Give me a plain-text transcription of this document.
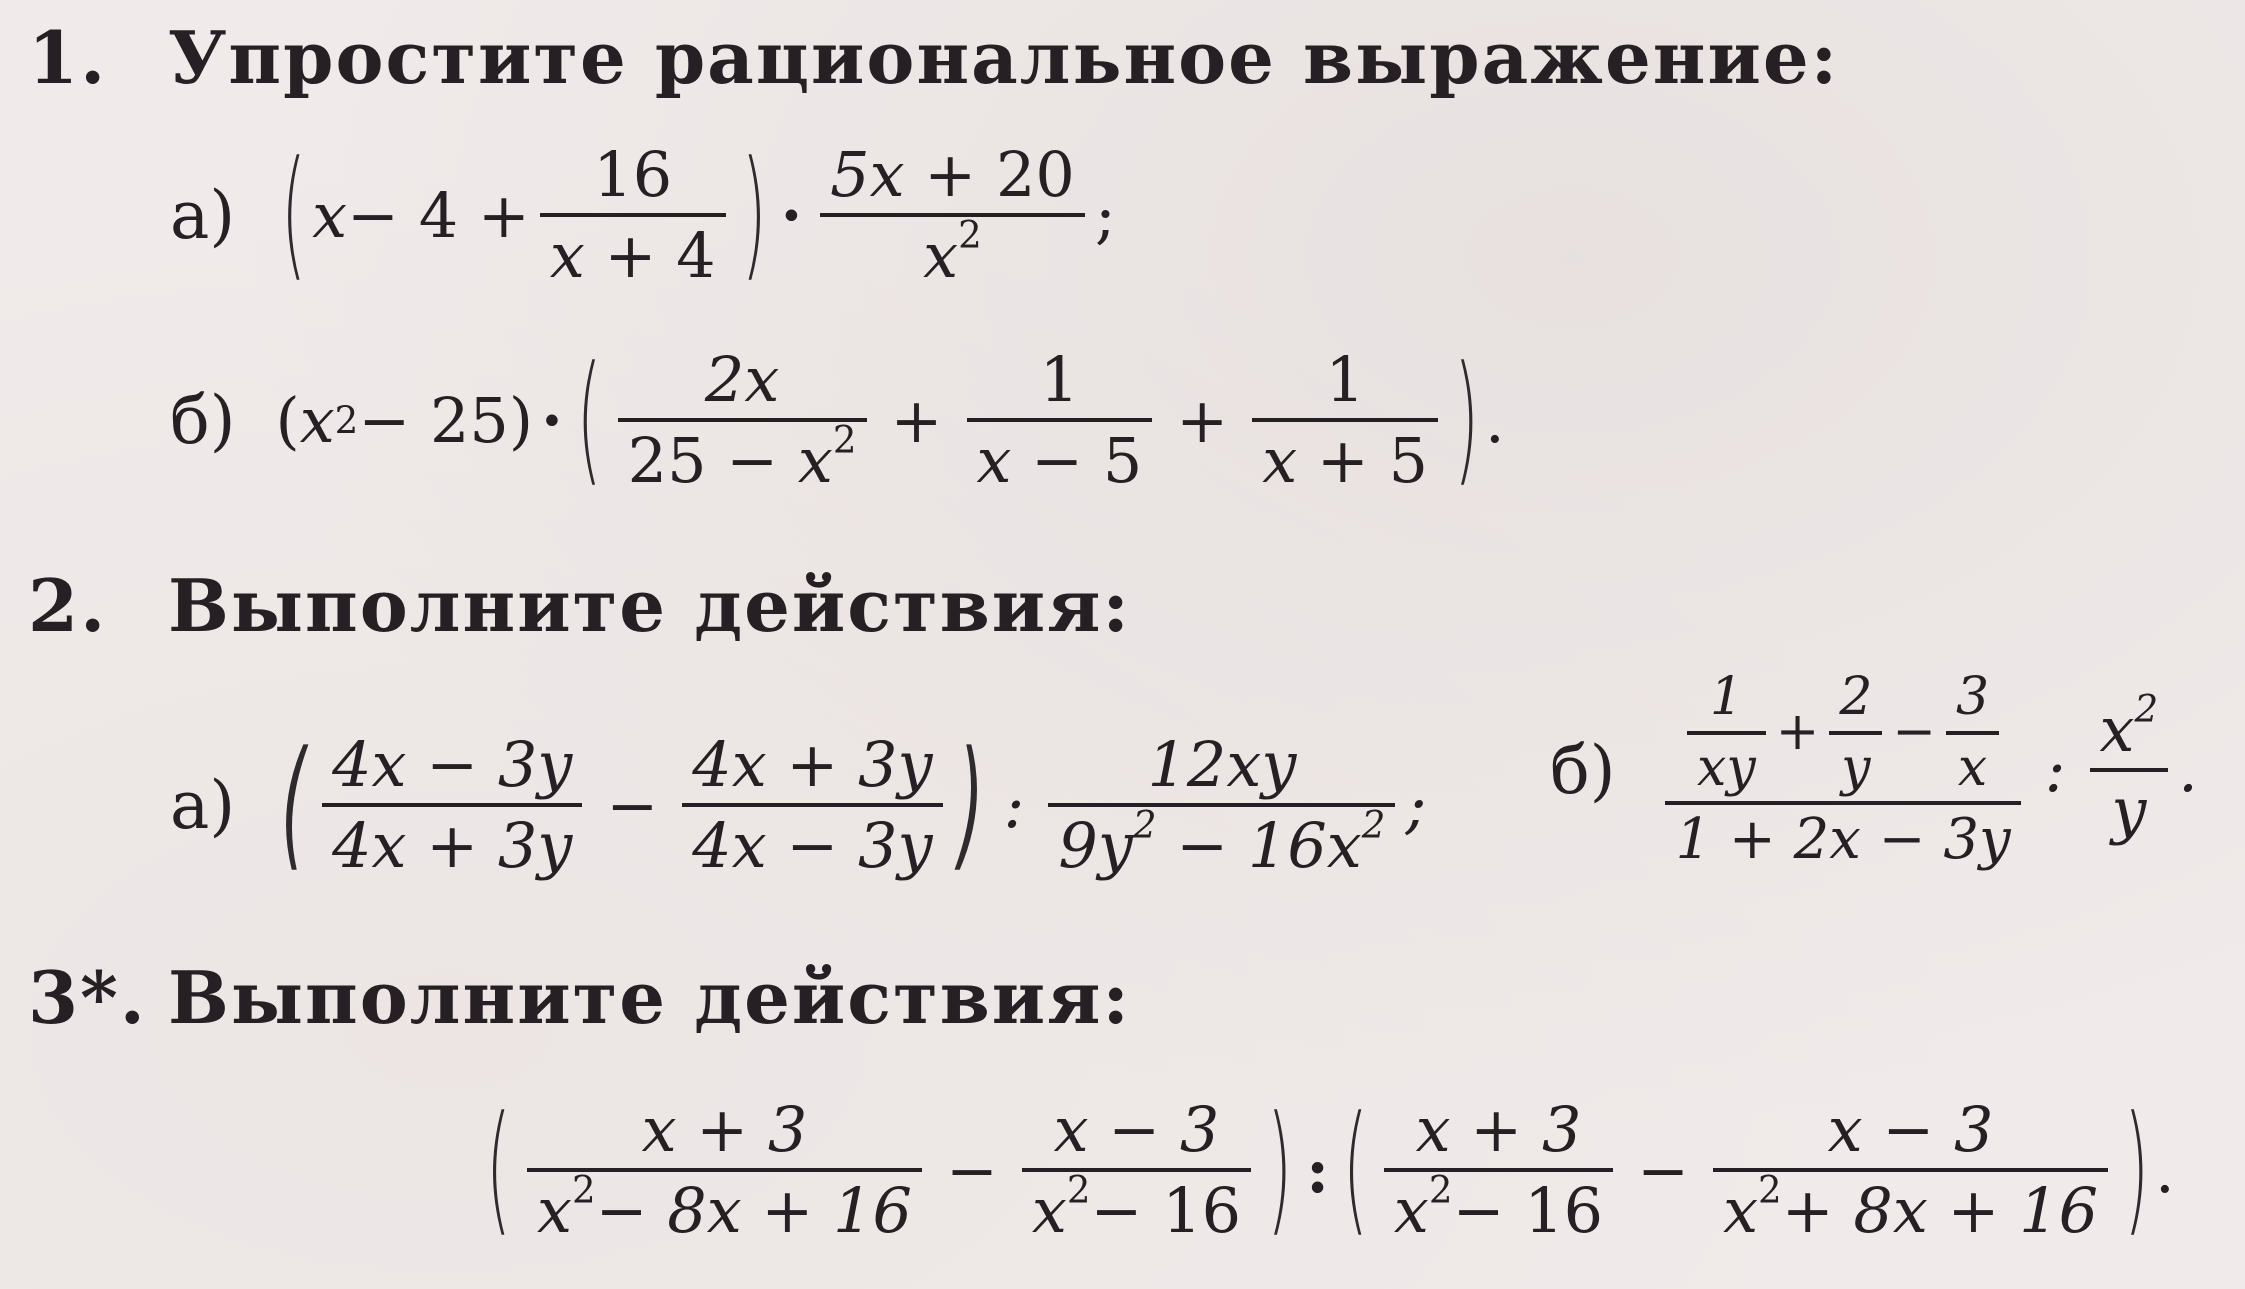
1. Упростите рациональное выражение:
а) ( x − 4 +
16
x + 4 ) ·
5x + 20
$x^2$ ;
б) ( x 2 − 25) · ( 2x
$25 - x^2$ +
1
x − 5
+
1
x + 5 ) .
2. Выполните действия:
а) ( 4x − 3y
4x + 3y
−
4x + 3y
4x − 3y ) :
12xy
$9y^2 - 16x^2$ ; б)
1
xy
+
2
y
−
3
x
1 + 2x − 3y
:
$x^2$
y
.
3*. Выполните действия:
( x + 3
$x^2- 8x + 16$
−
x − 3
$x^2- 16$ ) : ( x + 3
$x^2- 16$
−
x − 3
$x^2+ 8x + 16$ ) .
